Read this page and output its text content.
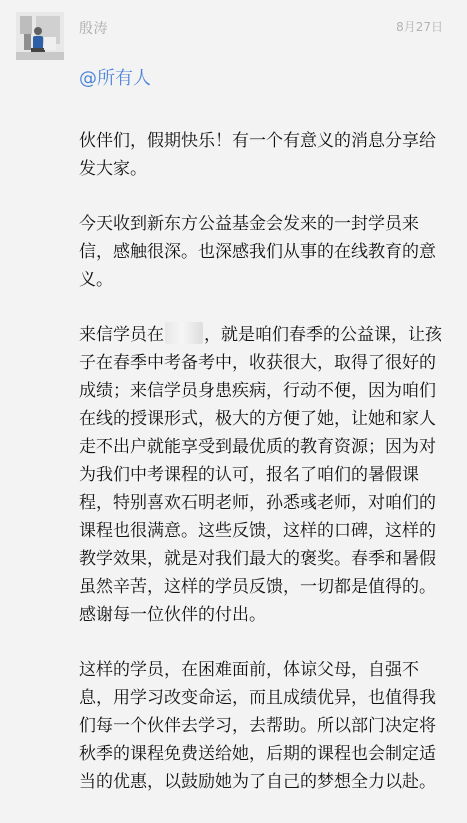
殷涛	8月27日
@所有人
伙伴们，假期快乐！有一个有意义的消息分享给发大家。
今天收到新东方公益基金会发来的一封学员来信，感触很深。也深感我们从事的在线教育的意义。
来信学员在 ，就是咱们春季的公益课，让孩子在春季中考备考中，收获很大，取得了很好的成绩；来信学员身患疾病，行动不便，因为咱们在线的授课形式，极大的方便了她，让她和家人走不出户就能享受到最优质的教育资源；因为对为我们中考课程的认可，报名了咱们的暑假课程，特别喜欢石明老师，孙悉彧老师，对咱们的课程也很满意。这些反馈，这样的口碑，这样的教学效果，就是对我们最大的褒奖。春季和暑假虽然辛苦，这样的学员反馈，一切都是值得的。感谢每一位伙伴的付出。
这样的学员，在困难面前，体谅父母，自强不息，用学习改变命运，而且成绩优异，也值得我们每一个伙伴去学习，去帮助。所以部门决定将秋季的课程免费送给她，后期的课程也会制定适当的优惠，以鼓励她为了自己的梦想全力以赴。
